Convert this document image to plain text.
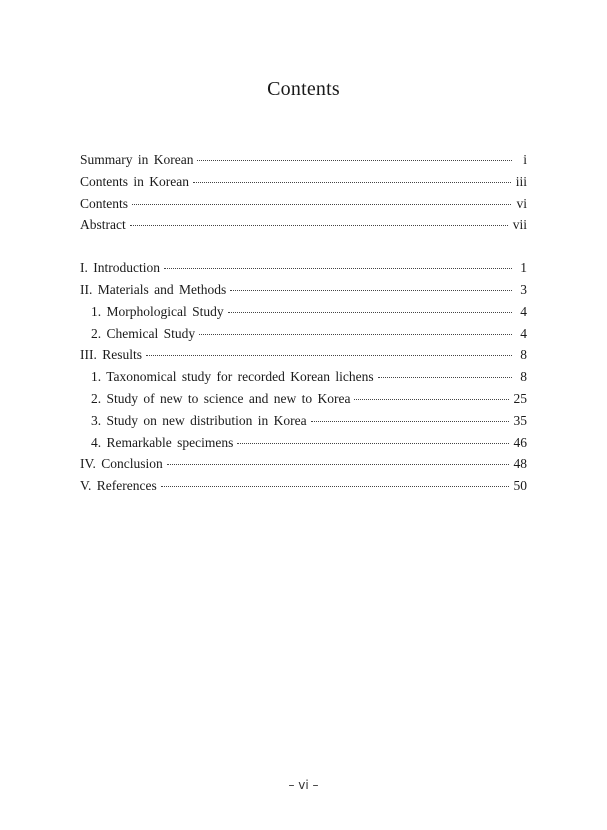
Contents
Summary in Korean	i
Contents in Korean	iii
Contents	vi
Abstract	vii
I. Introduction	1
II. Materials and Methods	3
1. Morphological Study	4
2. Chemical Study	4
III. Results	8
1. Taxonomical study for recorded Korean lichens	8
2. Study of new to science and new to Korea	25
3. Study on new distribution in Korea	35
4. Remarkable specimens	46
IV. Conclusion	48
V. References	50
– vi –
